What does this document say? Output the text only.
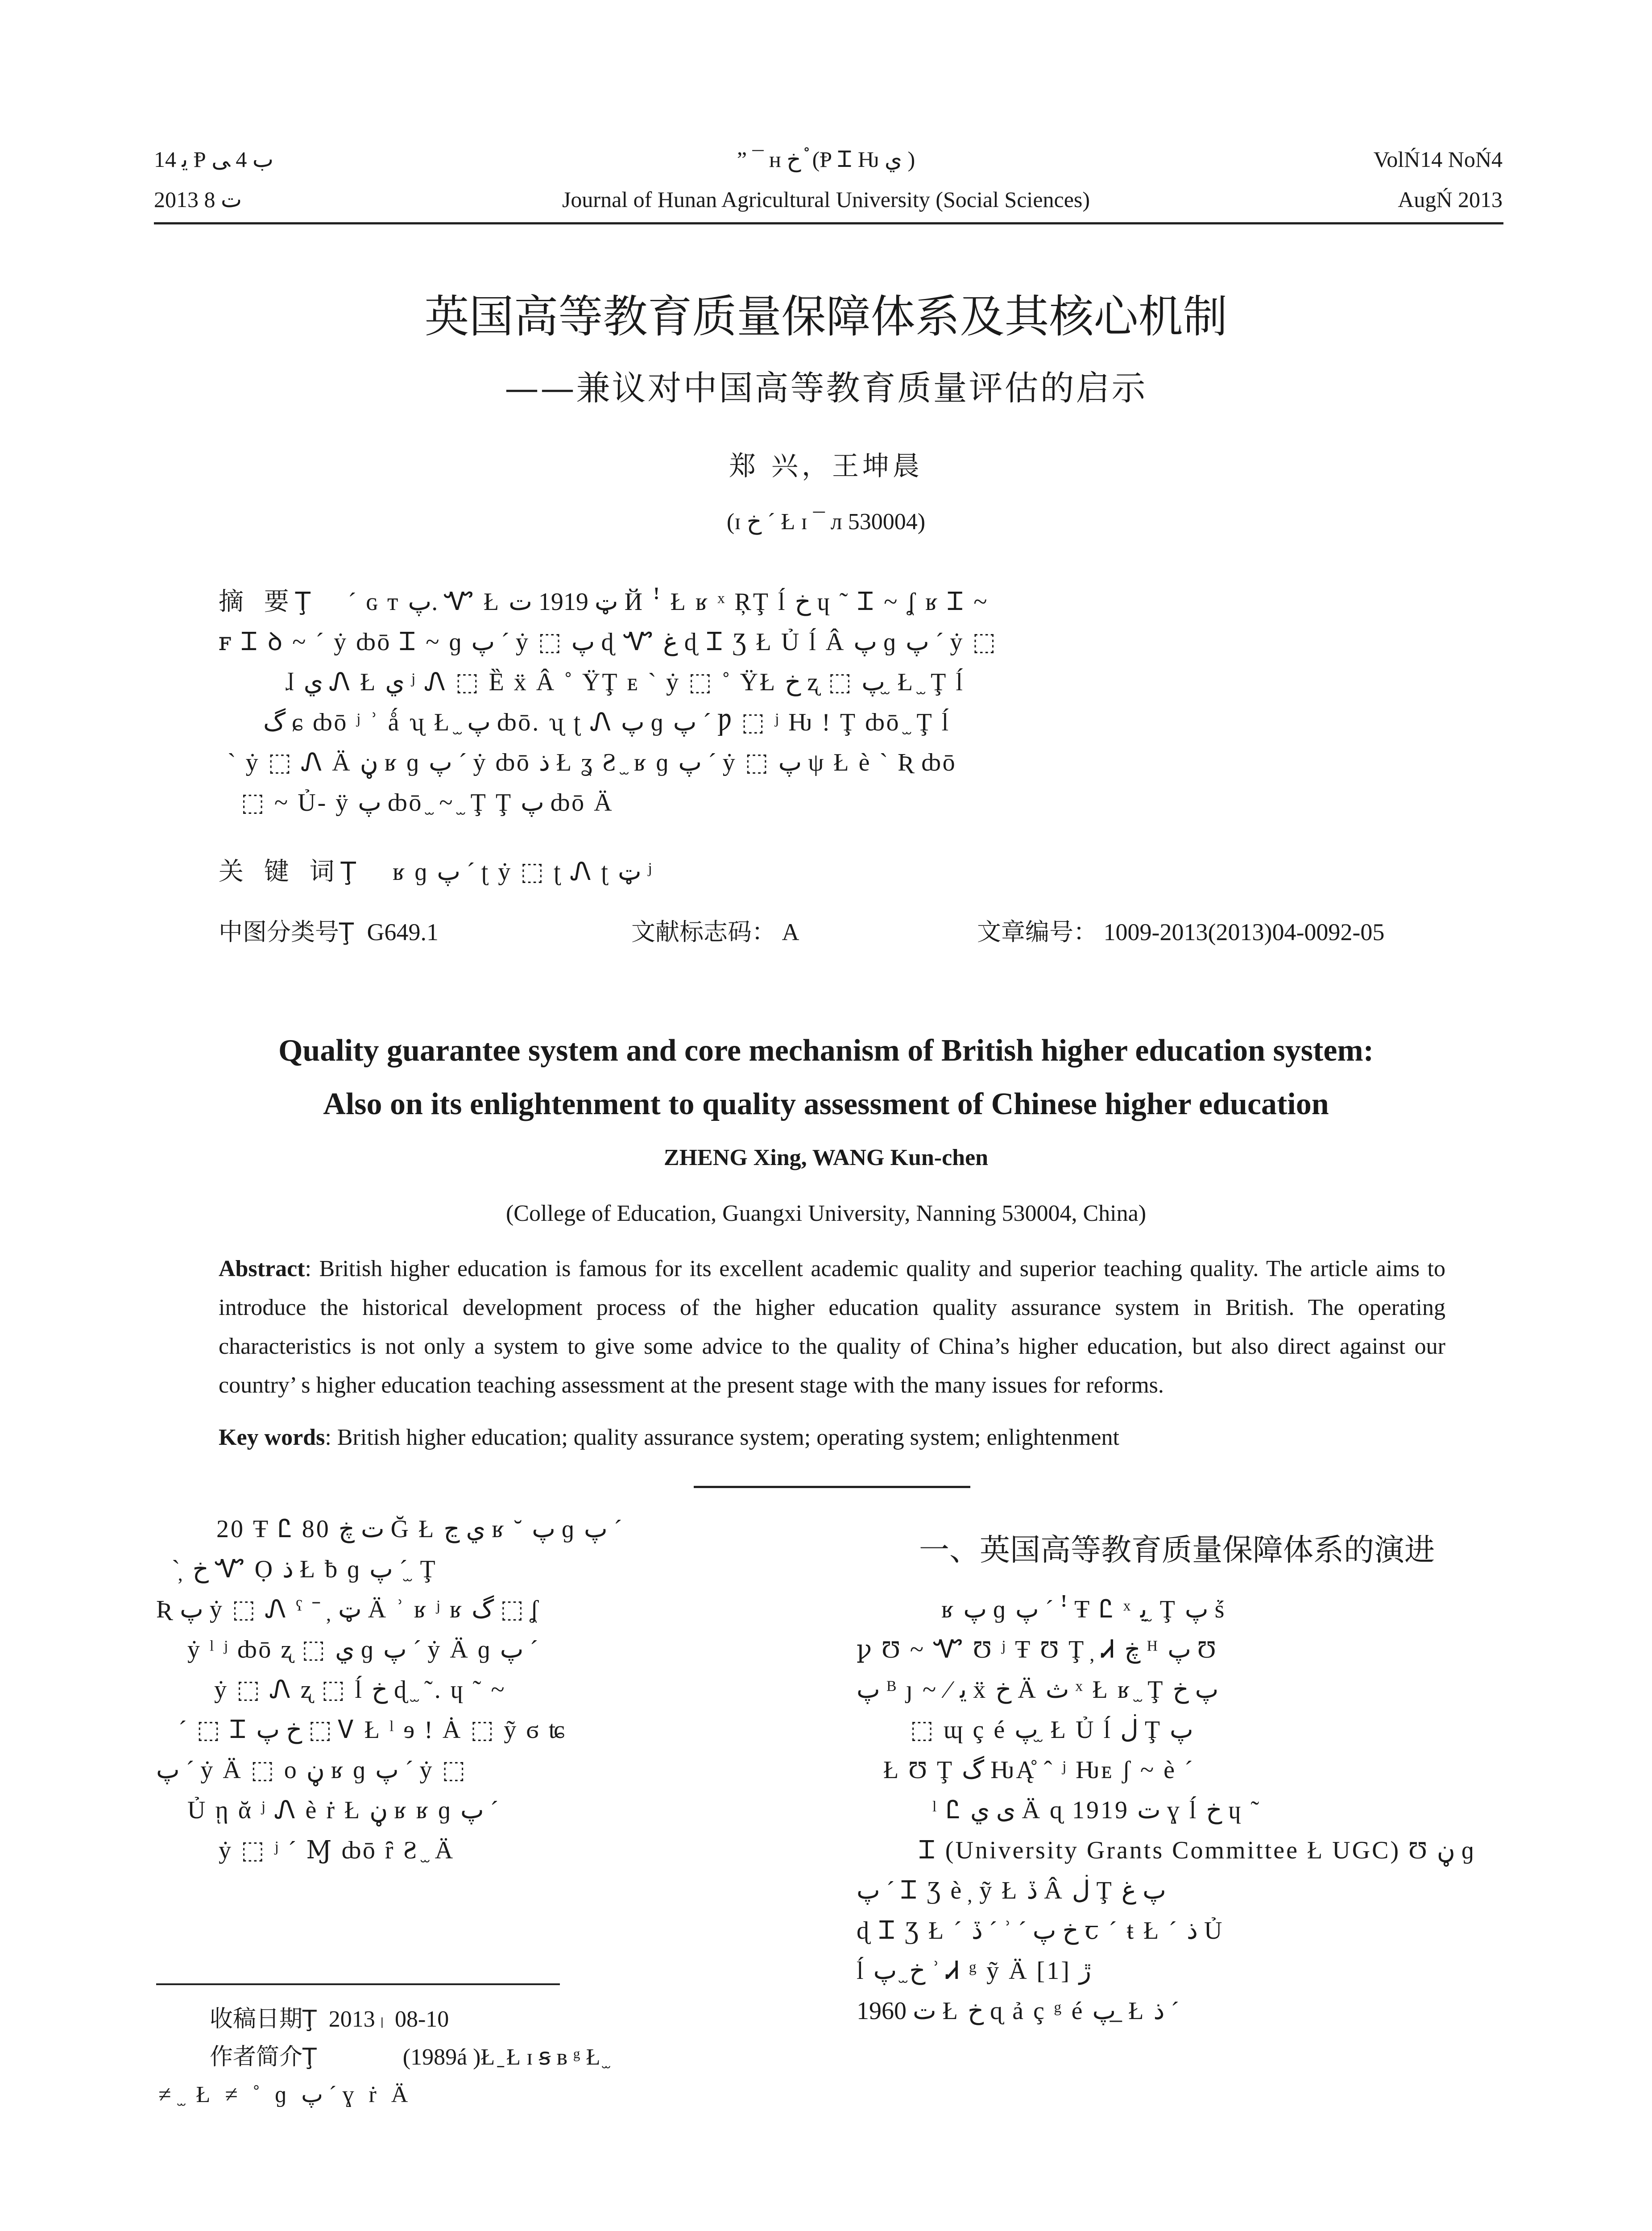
ﯾ 14 Ᵽ ﺏ 4 ﯽ
2013 ت 8
” ¯ ʜ خ ֯ (Ᵽ Ꮖ Ƕ ي )
Journal of Hunan Agricultural University (Social Sciences)
VolŃ14 NoŃ4
AugŃ 2013
英国高等教育质量保障体系及其核心机制
——兼议对中国高等教育质量评估的启示
郑 兴，王坤晨
(ɪ خ ˊ Ł ɪ ¯ л 530004)
摘 要Ţ ˊ ɢ ᴛ پ. Ꮙ Ł ټ 1919 ت Й ꜝ Ł ʁ ˣ ŖŢ ĺ خ ɥ ˜ Ꮖ ~ ʆ ʁ Ꮖ ~
ꜰ Ꮖ ꝺ ~ ˊ ẏ ȸō Ꮖ ~ ɡ پ ˊ ẏ ⬚ پ ɖ Ꮙ غ ɖ Ꮖ Ʒ Ł Ủ ĺ Â پ ɡ پ ˊ ẏ ⬚
ɺ ي Ꮑ Ł ي ʲ Ꮑ ⬚ Ȅ ẍ Â ˚ ŸŢ ᴇ ˋ ẏ ⬚ ˚ ŸŁ خ ʐ ⬚ پ ̫ Ł ̫ Ţ ĺ
گ ɕ ȸō ʲ ʾ ǻ ʯ Ł ̫ پ ȸō. ʯ ʈ Ꮑ پ ɡ پ ˊ Ƿ ⬚ ʲ Ƕ ǃ Ţ ȸō ̫ Ţ ĺ
ˋ ẏ ⬚ Ꮑ Ä ڼ ʁ ɡ پ ˊ ẏ ȸō ذ Ł ʓ Ƨ ̫ ʁ ɡ پ ˊ ẏ ⬚ پ ψ Ł è ˋ Ʀ ȸō
⬚ ~ Ủ- ÿ پ ȸō ̫ ~ ̫ Ţ Ţ پ ȸō Ä
关 键 词Ţ ʁ ɡ پ ˊ ʈ ẏ ⬚ ʈ Ꮑ ʈ ټ ʲ
中图分类号Ţ G649.1	文献标志码： A	文章编号： 1009-2013(2013)04-0092-05
Quality guarantee system and core mechanism of British higher education system:
Also on its enlightenment to quality assessment of Chinese higher education
ZHENG Xing, WANG Kun-chen
(College of Education, Guangxi University, Nanning 530004, China)
Abstract: British higher education is famous for its excellent academic quality and superior teaching quality. The article aims to introduce the historical development process of the higher education quality assurance system in British. The operating characteristics is not only a system to give some advice to the quality of China’s higher education, but also direct against our country’ s higher education teaching assessment at the present stage with the many issues for reforms.
Key words: British higher education; quality assurance system; operating system; enlightenment
20 Ŧ Ꮭ 80 ت ڿ Ğ Ł ي ڃ ʁ ˘ پ ɡ پ ˊ
ˋ ̦ خ Ꮙ Ọ ذ Ł ƀ ɡ پ ˊ ̫ Ţ
Ʀ پ ẏ ⬚ Ꮑ ˁ ˉ ̦ ټ Ä ʾ ʁ ʲ ʁ گ ⬚ ʆ
ẏ ˡ ʲ ȸō ʐ ⬚ ي ɡ پ ˊ ẏ Ä ɡ پ ˊ
ẏ ⬚ Ꮑ ʐ ⬚ ĺ خ ɖ ̫ ˜. ɥ ˜ ~
ˊ ⬚ Ꮖ خ پ ⬚ Ꮩ Ł ˡ ɘ ǃ Ȧ ⬚ ỹ ϭ ʨ
پ ˊ ẏ Ä ⬚ о ڼ ʁ ɡ پ ˊ ẏ ⬚
Ủ ῃ ᾰ ʲ Ꮑ è ṙ Ł ڼ ʁ ʁ ɡ پ ˊ
ẏ ⬚ ʲ ˊ Ɱ ȸō ȓ Ƨ ̫ Ä
收稿日期Ţ 2013ᛧ 08-10
作者简介Ţ	(1989á )Ł ̱ Ł ɪ ꞩ ʙ ᵍ Ł ̫
≠ ̫ Ł ≠ ˚ ɡ پ ˊ ɣ ṙ Ä
一、英国高等教育质量保障体系的演进
ʁ پ ɡ پ ˊ ꜝ Ŧ Ꮭ ˣ ﯾ ̫ Ţ پ ṥ
ꝩ Ʊ ~ Ꮙ Ʊ ʲ Ŧ Ʊ Ţ ̦ Ꮧ ڿ ᴴ پ Ʊ
پ ᴮ ȷ ~ ⁄ ﯾ ẍ خ Ä ث ˣ Ł ʁ ̫ Ţ پ خ
⬚ ɰ ç é پ ̫ Ł Ủ ĺ ڶ Ţ پ
Ł Ʊ Ţ گ ǶĄ̊ ˆ ʲ Ƕᴇ ʃ ~ è ˊ
ˡ Ꮭ ى ي Ä ɋ 1919 ت ɣ ĺ خ ɥ ˜
Ꮖ (University Grants Committee Ł UGC) Ʊ ڼ ɡ
پ ˊ Ꮖ Ʒ è ̦ ỹ Ł ڏ Â ڶ Ţ پ غ
ɖ Ꮖ Ʒ Ł ˊ ڏ ˊ ʾ ˊ خ پ ꞇ ˊ ŧ Ł ˊ ذ Ủ
ĺ خ ̫ پ ʾ Ꮧ ᵍ ỹ Ä [1] ڙ
1960 ت Ł خ ɋ ả ç ᵍ é پ ̲ Ł ذ ˊ
